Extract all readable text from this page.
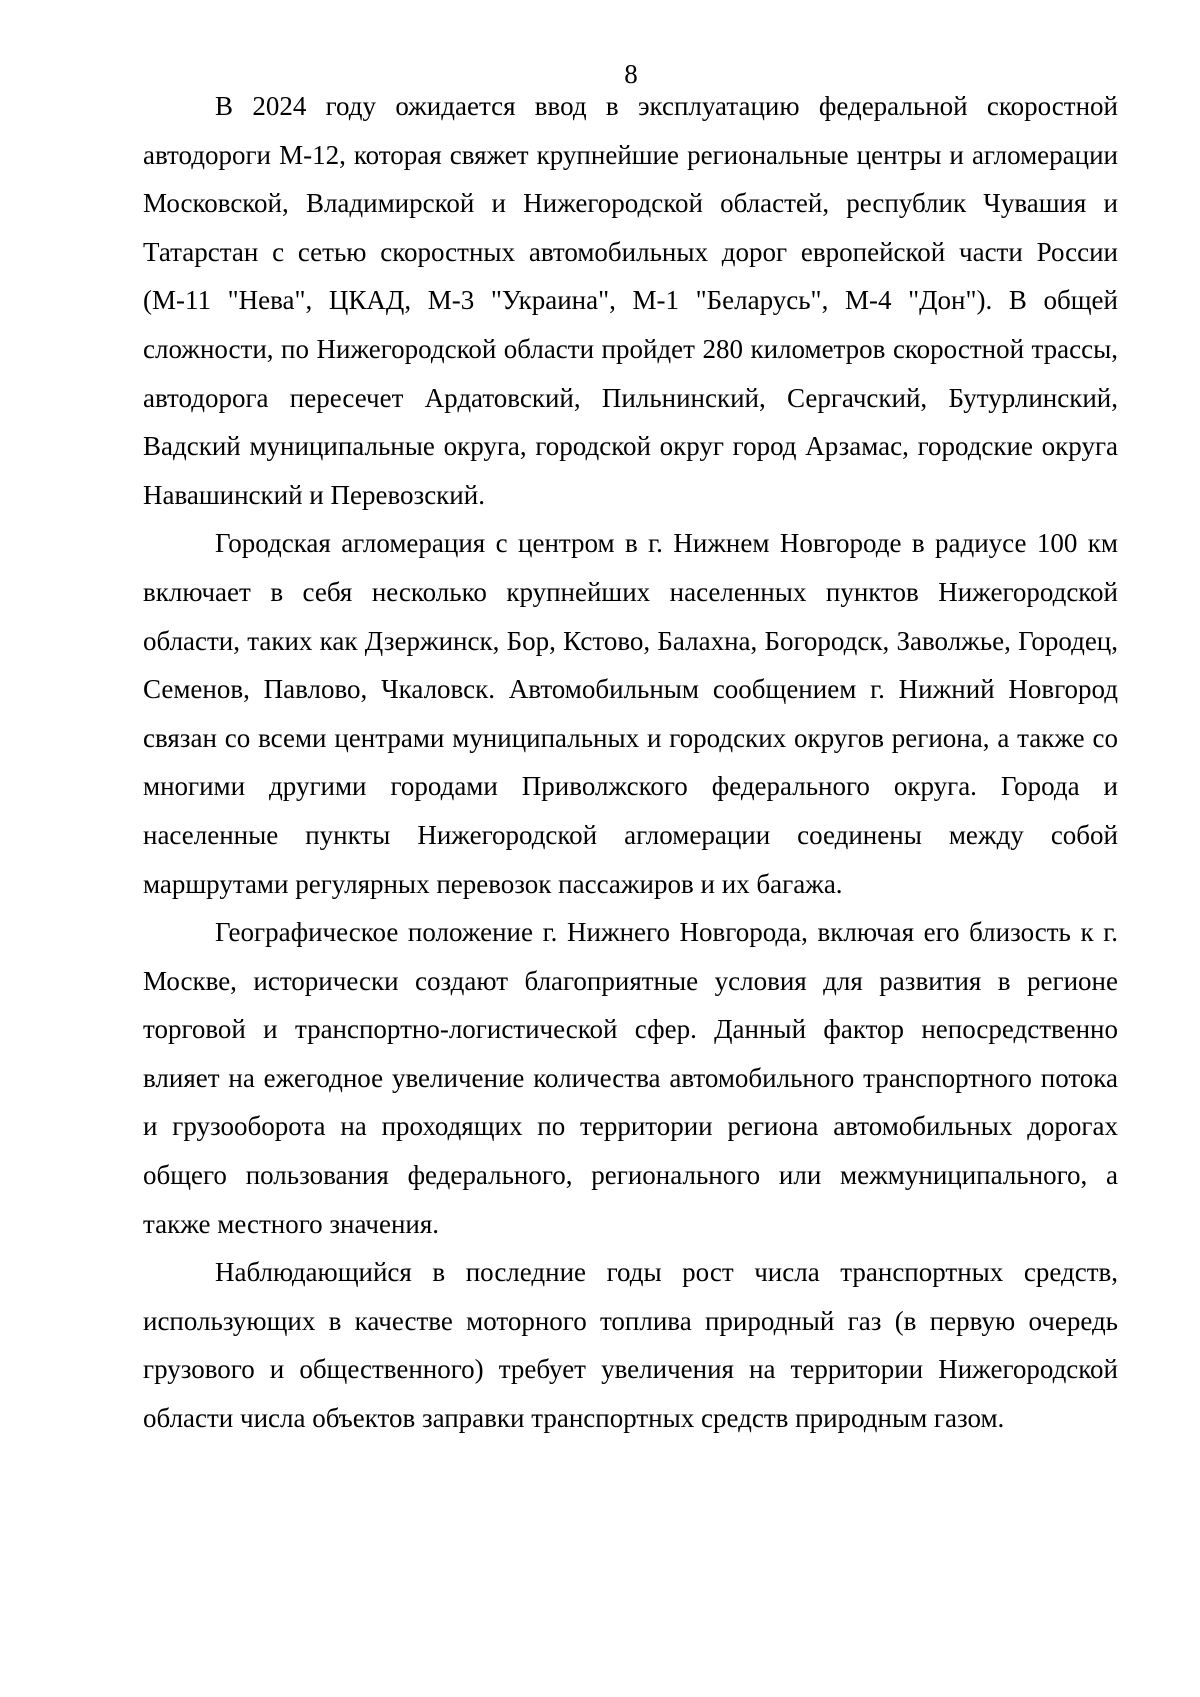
8

В 2024 году ожидается ввод в эксплуатацию федеральной скоростной автодороги М-12, которая свяжет крупнейшие региональные центры и агломерации Московской, Владимирской и Нижегородской областей, республик Чувашия и Татарстан с сетью скоростных автомобильных дорог европейской части России (М-11 "Нева", ЦКАД, М-3 "Украина", М-1 "Беларусь", М-4 "Дон"). В общей сложности, по Нижегородской области пройдет 280 километров скоростной трассы, автодорога пересечет Ардатовский, Пильнинский, Сергачский, Бутурлинский, Вадский муниципальные округа, городской округ город Арзамас, городские округа Навашинский и Перевозский.

Городская агломерация с центром в г. Нижнем Новгороде в радиусе 100 км включает в себя несколько крупнейших населенных пунктов Нижегородской области, таких как Дзержинск, Бор, Кстово, Балахна, Богородск, Заволжье, Городец, Семенов, Павлово, Чкаловск. Автомобильным сообщением г. Нижний Новгород связан со всеми центрами муниципальных и городских округов региона, а также со многими другими городами Приволжского федерального округа. Города и населенные пункты Нижегородской агломерации соединены между собой маршрутами регулярных перевозок пассажиров и их багажа.

Географическое положение г. Нижнего Новгорода, включая его близость к г. Москве, исторически создают благоприятные условия для развития в регионе торговой и транспортно-логистической сфер. Данный фактор непосредственно влияет на ежегодное увеличение количества автомобильного транспортного потока и грузооборота на проходящих по территории региона автомобильных дорогах общего пользования федерального, регионального или межмуниципального, а также местного значения.

Наблюдающийся в последние годы рост числа транспортных средств, использующих в качестве моторного топлива природный газ (в первую очередь грузового и общественного) требует увеличения на территории Нижегородской области числа объектов заправки транспортных средств природным газом.
